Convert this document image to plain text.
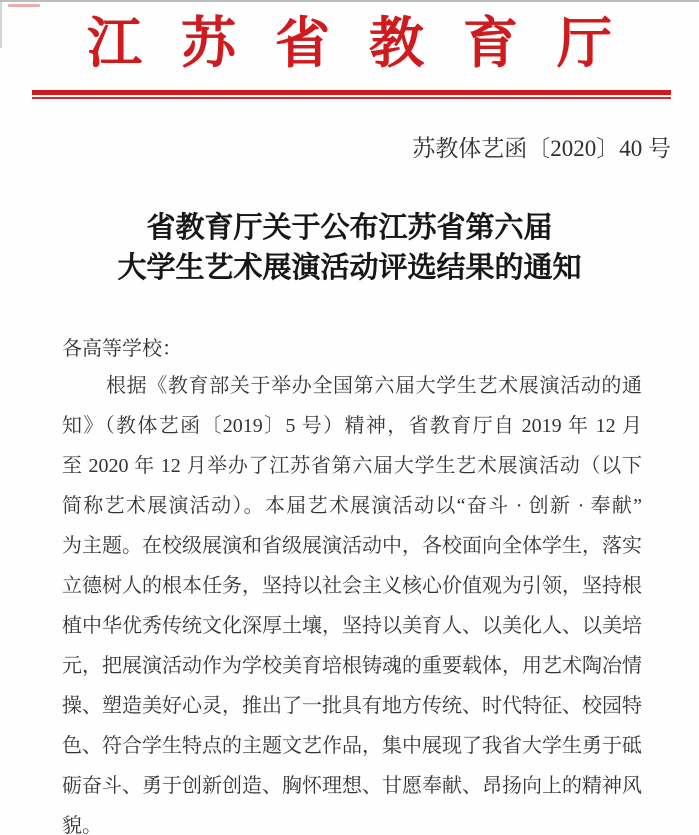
江苏省教育厅
苏教体艺函〔2020〕40 号
省教育厅关于公布江苏省第六届
大学生艺术展演活动评选结果的通知
各高等学校：
根据《教育部关于举办全国第六届大学生艺术展演活动的通
知》（教体艺函〔2019〕5 号）精神，省教育厅自 2019 年 12 月
至 2020 年 12 月举办了江苏省第六届大学生艺术展演活动（以下
简称艺术展演活动）。本届艺术展演活动以“奋斗 · 创新 · 奉献”
为主题。在校级展演和省级展演活动中，各校面向全体学生，落实
立德树人的根本任务，坚持以社会主义核心价值观为引领，坚持根
植中华优秀传统文化深厚土壤，坚持以美育人、以美化人、以美培
元，把展演活动作为学校美育培根铸魂的重要载体，用艺术陶冶情
操、塑造美好心灵，推出了一批具有地方传统、时代特征、校园特
色、符合学生特点的主题文艺作品，集中展现了我省大学生勇于砥
砺奋斗、勇于创新创造、胸怀理想、甘愿奉献、昂扬向上的精神风
貌。
